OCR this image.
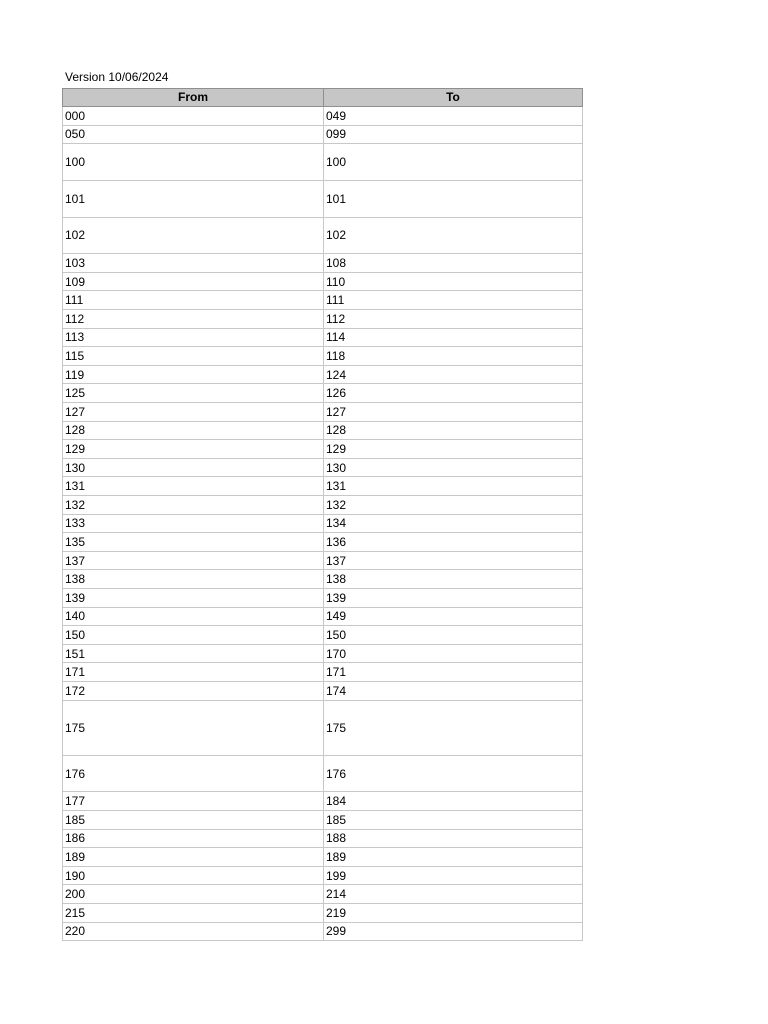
Version 10/06/2024
From	To
000	049
050	099
100	100
101	101
102	102
103	108
109	110
111	111
112	112
113	114
115	118
119	124
125	126
127	127
128	128
129	129
130	130
131	131
132	132
133	134
135	136
137	137
138	138
139	139
140	149
150	150
151	170
171	171
172	174
175	175
176	176
177	184
185	185
186	188
189	189
190	199
200	214
215	219
220	299
